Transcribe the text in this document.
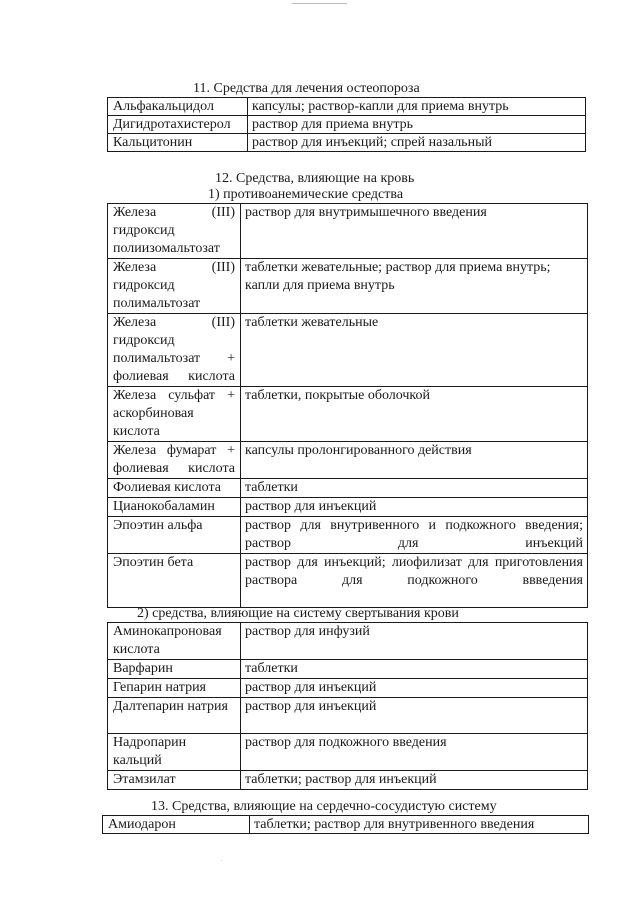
11. Средства для лечения остеопороза
Альфакальцидол	капсулы; раствор-капли для приема внутрь
Дигидротахистерол	раствор для приема внутрь
Кальцитонин	раствор для инъекций; спрей назальный
12. Средства, влияющие на кровь
1) противоанемические средства
Железа (III) гидроксид полиизомальтозат	раствор для внутримышечного введения
Железа (III) гидроксид полимальтозат	таблетки жевательные; раствор для приема внутрь; капли для приема внутрь
Железа (III) гидроксид полимальтозат + фолиевая кислота	таблетки жевательные
Железа сульфат + аскорбиновая кислота	таблетки, покрытые оболочкой
Железа фумарат + фолиевая кислота	капсулы пролонгированного действия
Фолиевая кислота	таблетки
Цианокобаламин	раствор для инъекций
Эпоэтин альфа	раствор для внутривенного и подкожного введения; раствор для инъекций
Эпоэтин бета	раствор для инъекций; лиофилизат для приготовления раствора для подкожного ввведения
2) средства, влияющие на систему свертывания крови
Аминокапроновая кислота	раствор для инфузий
Варфарин	таблетки
Гепарин натрия	раствор для инъекций
Далтепарин натрия	раствор для инъекций
Надропарин кальций	раствор для подкожного введения
Этамзилат	таблетки; раствор для инъекций
13. Средства, влияющие на сердечно-сосудистую систему
Амиодарон	таблетки; раствор для внутривенного введения
